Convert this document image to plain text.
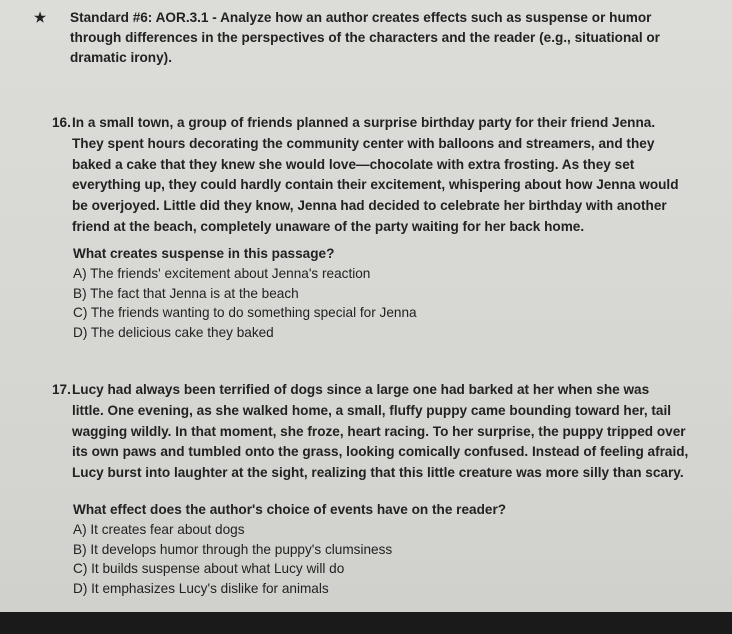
★ Standard #6: AOR.3.1 - Analyze how an author creates effects such as suspense or humor
through differences in the perspectives of the characters and the reader (e.g., situational or
dramatic irony).
16. In a small town, a group of friends planned a surprise birthday party for their friend Jenna.
They spent hours decorating the community center with balloons and streamers, and they
baked a cake that they knew she would love—chocolate with extra frosting. As they set
everything up, they could hardly contain their excitement, whispering about how Jenna would
be overjoyed. Little did they know, Jenna had decided to celebrate her birthday with another
friend at the beach, completely unaware of the party waiting for her back home.
What creates suspense in this passage?
A) The friends' excitement about Jenna's reaction
B) The fact that Jenna is at the beach
C) The friends wanting to do something special for Jenna
D) The delicious cake they baked
17. Lucy had always been terrified of dogs since a large one had barked at her when she was
little. One evening, as she walked home, a small, fluffy puppy came bounding toward her, tail
wagging wildly. In that moment, she froze, heart racing. To her surprise, the puppy tripped over
its own paws and tumbled onto the grass, looking comically confused. Instead of feeling afraid,
Lucy burst into laughter at the sight, realizing that this little creature was more silly than scary.
What effect does the author's choice of events have on the reader?
A) It creates fear about dogs
B) It develops humor through the puppy's clumsiness
C) It builds suspense about what Lucy will do
D) It emphasizes Lucy's dislike for animals
